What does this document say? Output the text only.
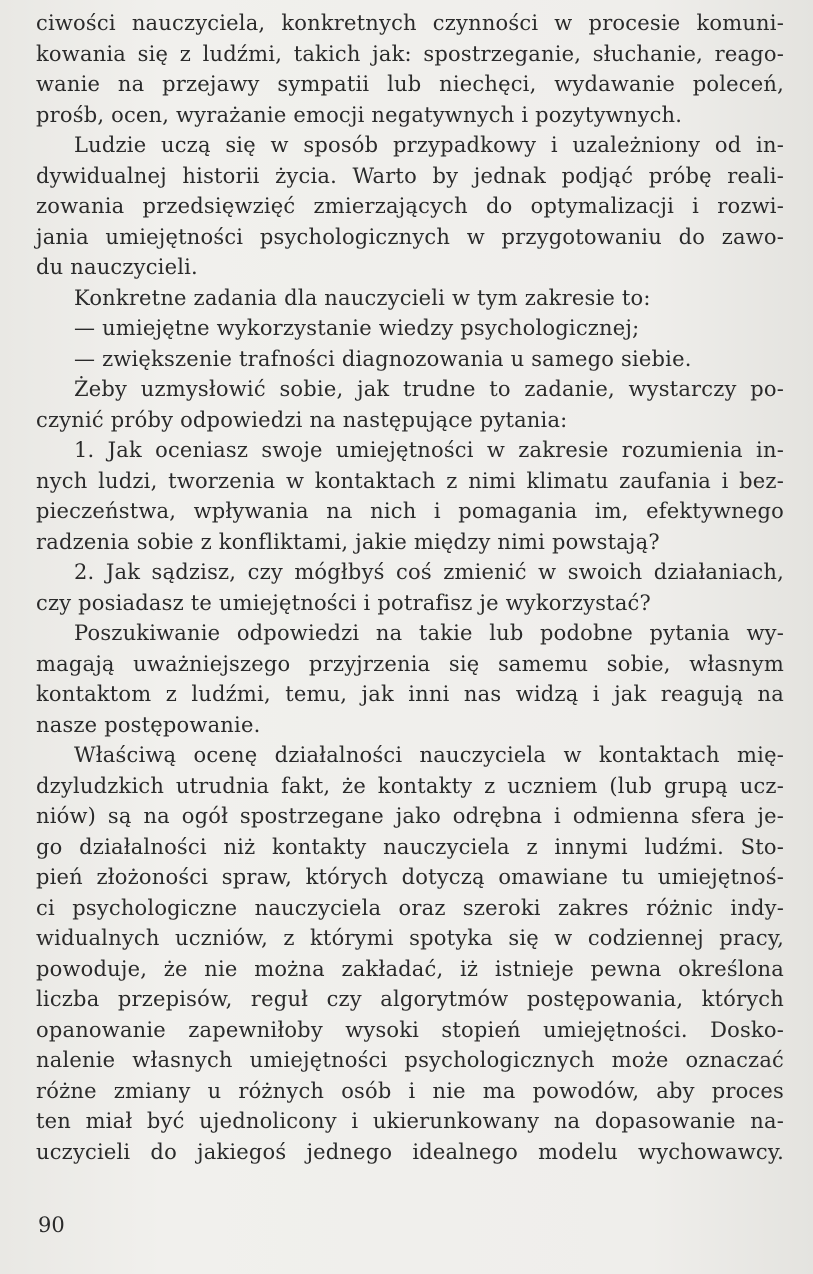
ciwości nauczyciela, konkretnych czynności w procesie komuni-
kowania się z ludźmi, takich jak: spostrzeganie, słuchanie, reago-
wanie na przejawy sympatii lub niechęci, wydawanie poleceń,
prośb, ocen, wyrażanie emocji negatywnych i pozytywnych.
Ludzie uczą się w sposób przypadkowy i uzależniony od in-
dywidualnej historii życia. Warto by jednak podjąć próbę reali-
zowania przedsięwzięć zmierzających do optymalizacji i rozwi-
jania umiejętności psychologicznych w przygotowaniu do zawo-
du nauczycieli.
Konkretne zadania dla nauczycieli w tym zakresie to:
— umiejętne wykorzystanie wiedzy psychologicznej;
— zwiększenie trafności diagnozowania u samego siebie.
Żeby uzmysłowić sobie, jak trudne to zadanie, wystarczy po-
czynić próby odpowiedzi na następujące pytania:
1. Jak oceniasz swoje umiejętności w zakresie rozumienia in-
nych ludzi, tworzenia w kontaktach z nimi klimatu zaufania i bez-
pieczeństwa, wpływania na nich i pomagania im, efektywnego
radzenia sobie z konfliktami, jakie między nimi powstają?
2. Jak sądzisz, czy mógłbyś coś zmienić w swoich działaniach,
czy posiadasz te umiejętności i potrafisz je wykorzystać?
Poszukiwanie odpowiedzi na takie lub podobne pytania wy-
magają uważniejszego przyjrzenia się samemu sobie, własnym
kontaktom z ludźmi, temu, jak inni nas widzą i jak reagują na
nasze postępowanie.
Właściwą ocenę działalności nauczyciela w kontaktach mię-
dzyludzkich utrudnia fakt, że kontakty z uczniem (lub grupą ucz-
niów) są na ogół spostrzegane jako odrębna i odmienna sfera je-
go działalności niż kontakty nauczyciela z innymi ludźmi. Sto-
pień złożoności spraw, których dotyczą omawiane tu umiejętnoś-
ci psychologiczne nauczyciela oraz szeroki zakres różnic indy-
widualnych uczniów, z którymi spotyka się w codziennej pracy,
powoduje, że nie można zakładać, iż istnieje pewna określona
liczba przepisów, reguł czy algorytmów postępowania, których
opanowanie zapewniłoby wysoki stopień umiejętności. Dosko-
nalenie własnych umiejętności psychologicznych może oznaczać
różne zmiany u różnych osób i nie ma powodów, aby proces
ten miał być ujednolicony i ukierunkowany na dopasowanie na-
uczycieli do jakiegoś jednego idealnego modelu wychowawcy.
90
